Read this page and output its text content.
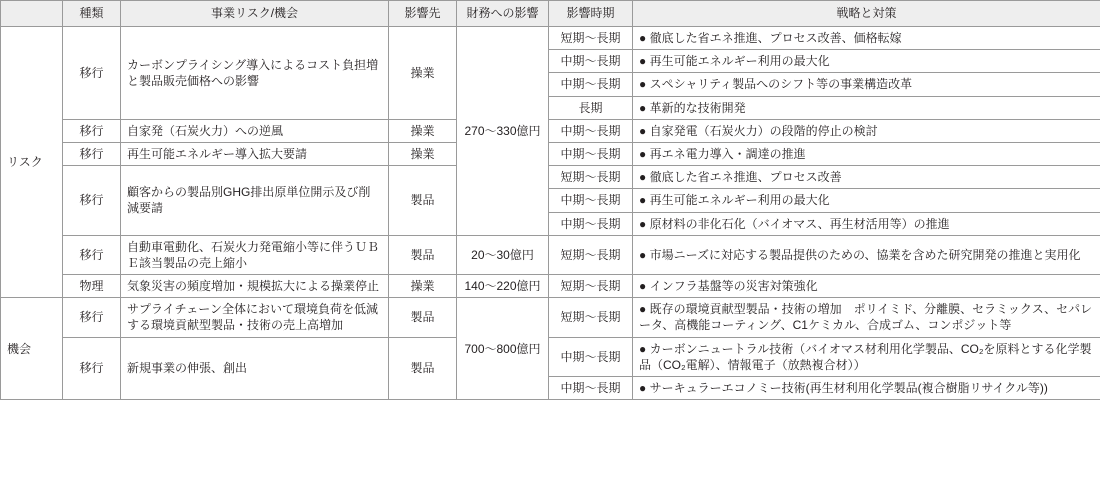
	種類	事業リスク/機会	影響先	財務への影響	影響時期	戦略と対策
リスク	移行	カーボンプライシング導入によるコスト負担増と製品販売価格への影響	操業	270〜330億円	短期〜長期	● 徹底した省エネ推進、プロセス改善、価格転嫁
					中期〜長期	● 再生可能エネルギー利用の最大化
					中期〜長期	● スペシャリティ製品へのシフト等の事業構造改革
					長期	● 革新的な技術開発
	移行	自家発（石炭火力）への逆風	操業		中期〜長期	● 自家発電（石炭火力）の段階的停止の検討
	移行	再生可能エネルギー導入拡大要請	操業		中期〜長期	● 再エネ電力導入・調達の推進
	移行	顧客からの製品別GHG排出原単位開示及び削減要請	製品		短期〜長期	● 徹底した省エネ推進、プロセス改善
					中期〜長期	● 再生可能エネルギー利用の最大化
					中期〜長期	● 原材料の非化石化（バイオマス、再生材活用等）の推進
	移行	自動車電動化、石炭火力発電縮小等に伴うＵＢＥ該当製品の売上縮小	製品	20〜30億円	短期〜長期	● 市場ニーズに対応する製品提供のための、協業を含めた研究開発の推進と実用化
	物理	気象災害の頻度増加・規模拡大による操業停止	操業	140〜220億円	短期〜長期	● インフラ基盤等の災害対策強化
機会	移行	サプライチェーン全体において環境負荷を低減する環境貢献型製品・技術の売上高増加	製品	700〜800億円	短期〜長期	● 既存の環境貢献型製品・技術の増加　ポリイミド、分離膜、セラミックス、セパレータ、高機能コーティング、C1ケミカル、合成ゴム、コンポジット等
	移行	新規事業の伸張、創出	製品		中期〜長期	● カーボンニュートラル技術（バイオマス材利用化学製品、CO₂を原料とする化学製品（CO₂電解）、情報電子（放熱複合材））
					中期〜長期	● サーキュラーエコノミー技術(再生材利用化学製品(複合樹脂リサイクル等))
